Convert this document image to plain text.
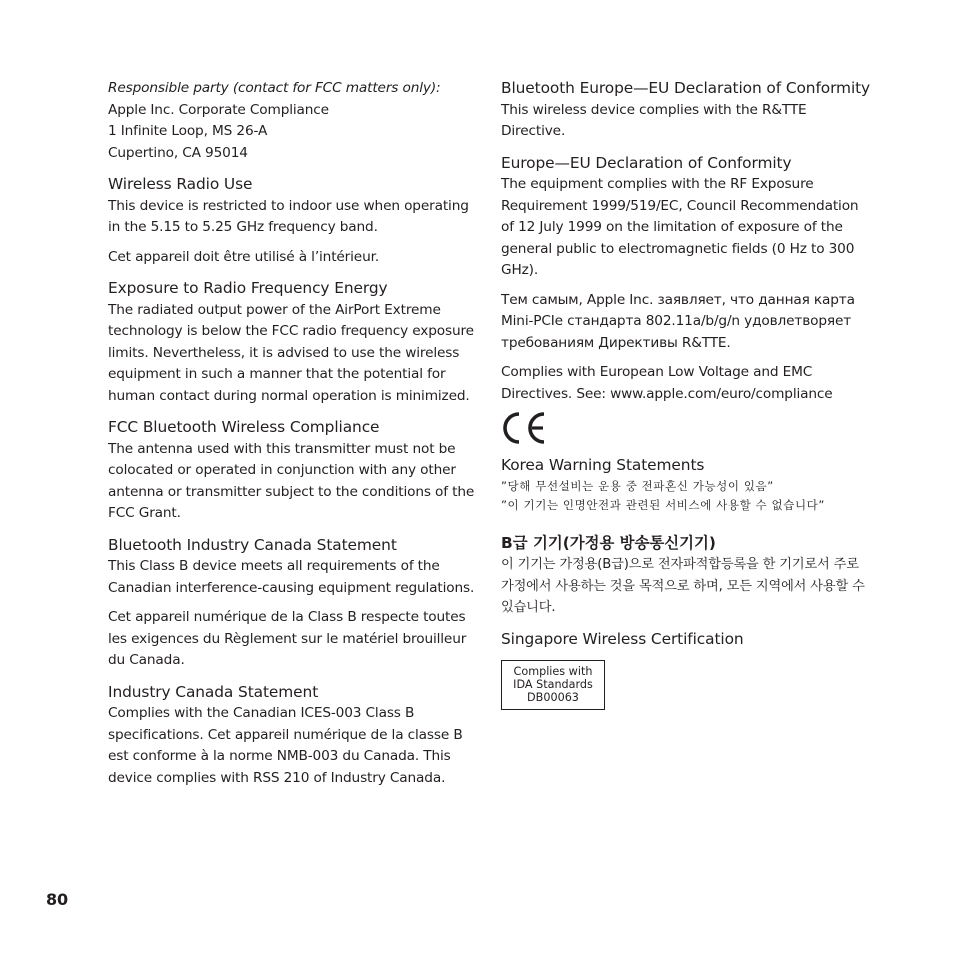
Responsible party (contact for FCC matters only):

Apple Inc. Corporate Compliance

1 Infinite Loop, MS 26-A

Cupertino, CA 95014

Wireless Radio Use

This device is restricted to indoor use when operating in the 5.15 to 5.25 GHz frequency band.

Cet appareil doit être utilisé à l’intérieur.

Exposure to Radio Frequency Energy

The radiated output power of the AirPort Extreme technology is below the FCC radio frequency exposure limits. Nevertheless, it is advised to use the wireless equipment in such a manner that the potential for human contact during normal operation is minimized.

FCC Bluetooth Wireless Compliance

The antenna used with this transmitter must not be colocated or operated in conjunction with any other antenna or transmitter subject to the conditions of the FCC Grant.

Bluetooth Industry Canada Statement

This Class B device meets all requirements of the Canadian interference-causing equipment regulations.

Cet appareil numérique de la Class B respecte toutes les exigences du Règlement sur le matériel brouilleur du Canada.

Industry Canada Statement

Complies with the Canadian ICES-003 Class B specifications. Cet appareil numérique de la classe B est conforme à la norme NMB-003 du Canada. This device complies with RSS 210 of Industry Canada.

Bluetooth Europe—EU Declaration of Conformity

This wireless device complies with the R&TTE Directive.

Europe—EU Declaration of Conformity

The equipment complies with the RF Exposure Requirement 1999/519/EC, Council Recommendation of 12 July 1999 on the limitation of exposure of the general public to electromagnetic fields (0 Hz to 300 GHz).

Тем самым, Apple Inc. заявляет, что данная карта Mini-PCIe стандарта 802.11a/b/g/n удовлетворяет требованиям Директивы R&TTE.

Complies with European Low Voltage and EMC Directives. See: www.apple.com/euro/compliance

Korea Warning Statements

”당해 무선설비는 운용 중 전파혼신 가능성이 있음”

”이 기기는 인명안전과 관련된 서비스에 사용할 수 없습니다”

B급 기기(가정용 방송통신기기)

이 기기는 가정용(B급)으로 전자파적합등록을 한 기기로서 주로 가정에서 사용하는 것을 목적으로 하며, 모든 지역에서 사용할 수 있습니다.

Singapore Wireless Certification

Complies with

IDA Standards

DB00063

80
